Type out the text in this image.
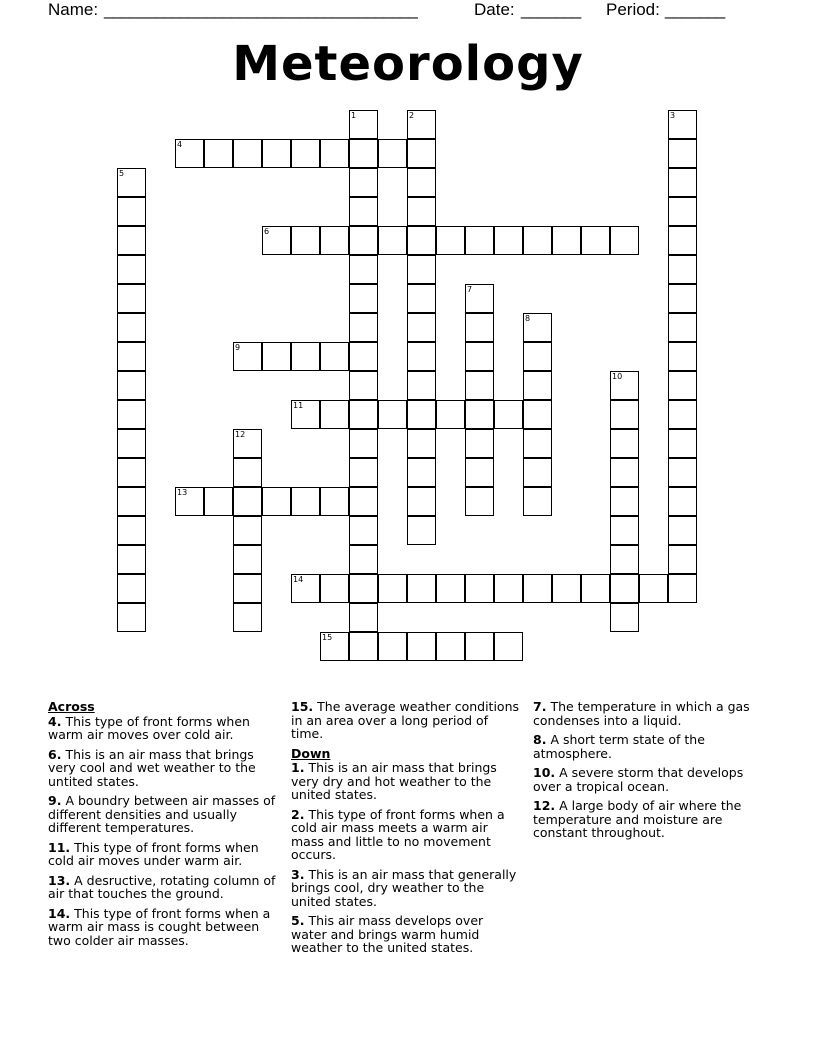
Name: _____________________________________	Date: _______ Period: _______
Meteorology
1	2	3
4
5
6
7
8
9
10
11
12
13
14
15
Across
4. This type of front forms when warm air moves over cold air.
6. This is an air mass that brings very cool and wet weather to the untited states.
9. A boundry between air masses of different densities and usually different temperatures.
11. This type of front forms when cold air moves under warm air.
13. A desructive, rotating column of air that touches the ground.
14. This type of front forms when a warm air mass is cought between two colder air masses.
15. The average weather conditions in an area over a long period of time.
Down
1. This is an air mass that brings very dry and hot weather to the united states.
2. This type of front forms when a cold air mass meets a warm air mass and little to no movement occurs.
3. This is an air mass that generally brings cool, dry weather to the united states.
5. This air mass develops over water and brings warm humid weather to the united states.
7. The temperature in which a gas condenses into a liquid.
8. A short term state of the atmosphere.
10. A severe storm that develops over a tropical ocean.
12. A large body of air where the temperature and moisture are constant throughout.
